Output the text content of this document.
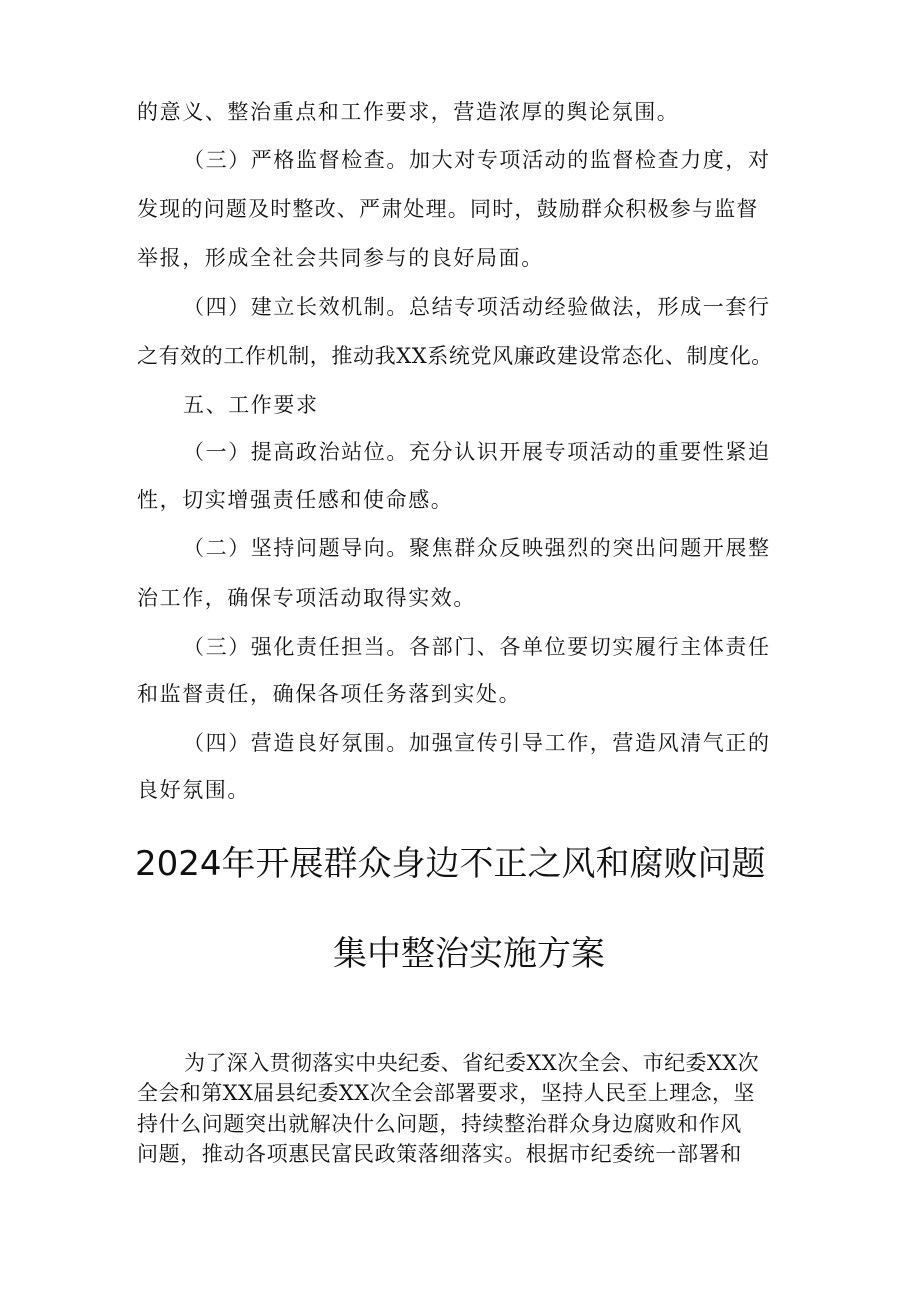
的意义、整治重点和工作要求，营造浓厚的舆论氛围。
（三）严格监督检查。加大对专项活动的监督检查力度，对
发现的问题及时整改、严肃处理。同时，鼓励群众积极参与监督
举报，形成全社会共同参与的良好局面。
（四）建立长效机制。总结专项活动经验做法，形成一套行
之有效的工作机制，推动我XX系统党风廉政建设常态化、制度化。
五、工作要求
（一）提高政治站位。充分认识开展专项活动的重要性紧迫
性，切实增强责任感和使命感。
（二）坚持问题导向。聚焦群众反映强烈的突出问题开展整
治工作，确保专项活动取得实效。
（三）强化责任担当。各部门、各单位要切实履行主体责任
和监督责任，确保各项任务落到实处。
（四）营造良好氛围。加强宣传引导工作，营造风清气正的
良好氛围。
2024年开展群众身边不正之风和腐败问题
集中整治实施方案
为了深入贯彻落实中央纪委、省纪委XX次全会、市纪委XX次
全会和第XX届县纪委XX次全会部署要求，坚持人民至上理念，坚
持什么问题突出就解决什么问题，持续整治群众身边腐败和作风
问题，推动各项惠民富民政策落细落实。根据市纪委统一部署和
